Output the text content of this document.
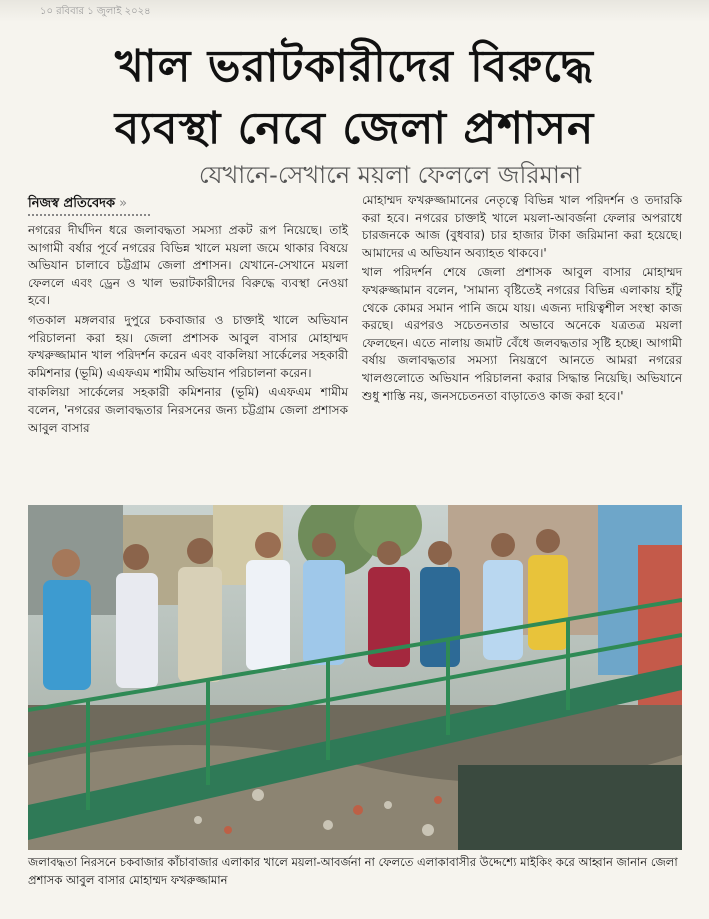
১০ রবিবার ১ জুলাই ২০২৪
খাল ভরাটকারীদের বিরুদ্ধে
ব্যবস্থা নেবে জেলা প্রশাসন
যেখানে-সেখানে ময়লা ফেললে জরিমানা
নিজস্ব প্রতিবেদক »

নগরের দীর্ঘদিন ধরে জলাবদ্ধতা সমস্যা প্রকট রূপ নিয়েছে। তাই আগামী বর্ষার পূর্বে নগরের বিভিন্ন খালে ময়লা জমে থাকার বিষয়ে অভিযান চালাবে চট্টগ্রাম জেলা প্রশাসন। যেখানে-সেখানে ময়লা ফেললে এবং ড্রেন ও খাল ভরাটকারীদের বিরুদ্ধে ব্যবস্থা নেওয়া হবে।

গতকাল মঙ্গলবার দুপুরে চকবাজার ও চাক্তাই খালে অভিযান পরিচালনা করা হয়। জেলা প্রশাসক আবুল বাসার মোহাম্মদ ফখরুজ্জামান খাল পরিদর্শন করেন এবং বাকলিয়া সার্কেলের সহকারী কমিশনার (ভূমি) এএফএম শামীম অভিযান পরিচালনা করেন।

বাকলিয়া সার্কেলের সহকারী কমিশনার (ভূমি) এএফএম শামীম বলেন, 'নগরের জলাবদ্ধতার নিরসনের জন্য চট্টগ্রাম জেলা প্রশাসক আবুল বাসার

মোহাম্মদ ফখরুজ্জামানের নেতৃত্বে বিভিন্ন খাল পরিদর্শন ও তদারকি করা হবে। নগরের চাক্তাই খালে ময়লা-আবর্জনা ফেলার অপরাধে চারজনকে আজ (বুধবার) চার হাজার টাকা জরিমানা করা হয়েছে। আমাদের এ অভিযান অব্যাহত থাকবে।'

খাল পরিদর্শন শেষে জেলা প্রশাসক আবুল বাসার মোহাম্মদ ফখরুজ্জামান বলেন, 'সামান্য বৃষ্টিতেই নগরের বিভিন্ন এলাকায় হাঁটু থেকে কোমর সমান পানি জমে যায়। এজন্য দায়িত্বশীল সংস্থা কাজ করছে। এরপরও সচেতনতার অভাবে অনেকে যত্রতত্র ময়লা ফেলছেন। এতে নালায় জমাট বেঁধে জলবদ্ধতার সৃষ্টি হচ্ছে। আগামী বর্ষায় জলাবদ্ধতার সমস্যা নিয়ন্ত্রণে আনতে আমরা নগরের খালগুলোতে অভিযান পরিচালনা করার সিদ্ধান্ত নিয়েছি। অভিযানে শুধু শাস্তি নয়, জনসচেতনতা বাড়াতেও কাজ করা হবে।'

জলাবদ্ধতা নিরসনে চকবাজার কাঁচাবাজার এলাকার খালে ময়লা-আবর্জনা না ফেলতে এলাকাবাসীর উদ্দেশ্যে মাইকিং করে আহ্বান জানান জেলা প্রশাসক আবুল বাসার মোহাম্মদ ফখরুজ্জামান
